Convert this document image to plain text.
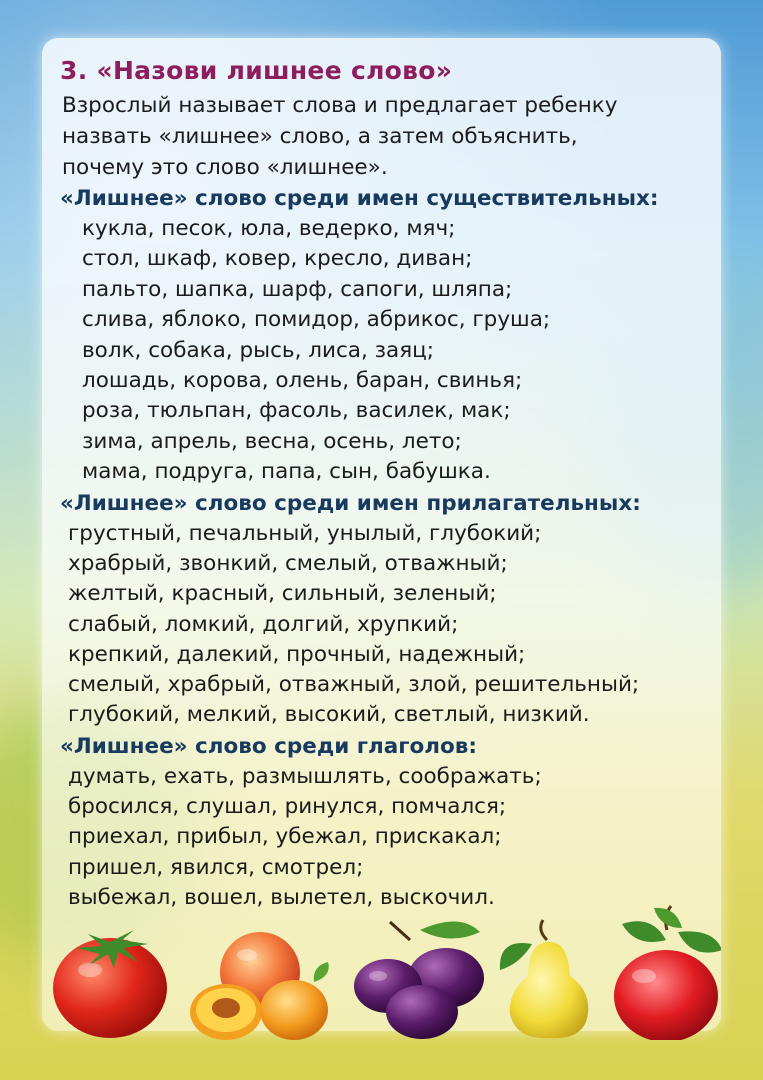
3. «Назови лишнее слово»

Взрослый называет слова и предлагает ребенку

назвать «лишнее» слово, а затем объяснить,

почему это слово «лишнее».

«Лишнее» слово среди имен существительных:
кукла, песок, юла, ведерко, мяч;
стол, шкаф, ковер, кресло, диван;
пальто, шапка, шарф, сапоги, шляпа;
слива, яблоко, помидор, абрикос, груша;
волк, собака, рысь, лиса, заяц;
лошадь, корова, олень, баран, свинья;
роза, тюльпан, фасоль, василек, мак;
зима, апрель, весна, осень, лето;
мама, подруга, папа, сын, бабушка.
«Лишнее» слово среди имен прилагательных:
грустный, печальный, унылый, глубокий;
храбрый, звонкий, смелый, отважный;
желтый, красный, сильный, зеленый;
слабый, ломкий, долгий, хрупкий;
крепкий, далекий, прочный, надежный;
смелый, храбрый, отважный, злой, решительный;
глубокий, мелкий, высокий, светлый, низкий.
«Лишнее» слово среди глаголов:
думать, ехать, размышлять, соображать;
бросился, слушал, ринулся, помчался;
приехал, прибыл, убежал, прискакал;
пришел, явился, смотрел;
выбежал, вошел, вылетел, выскочил.
